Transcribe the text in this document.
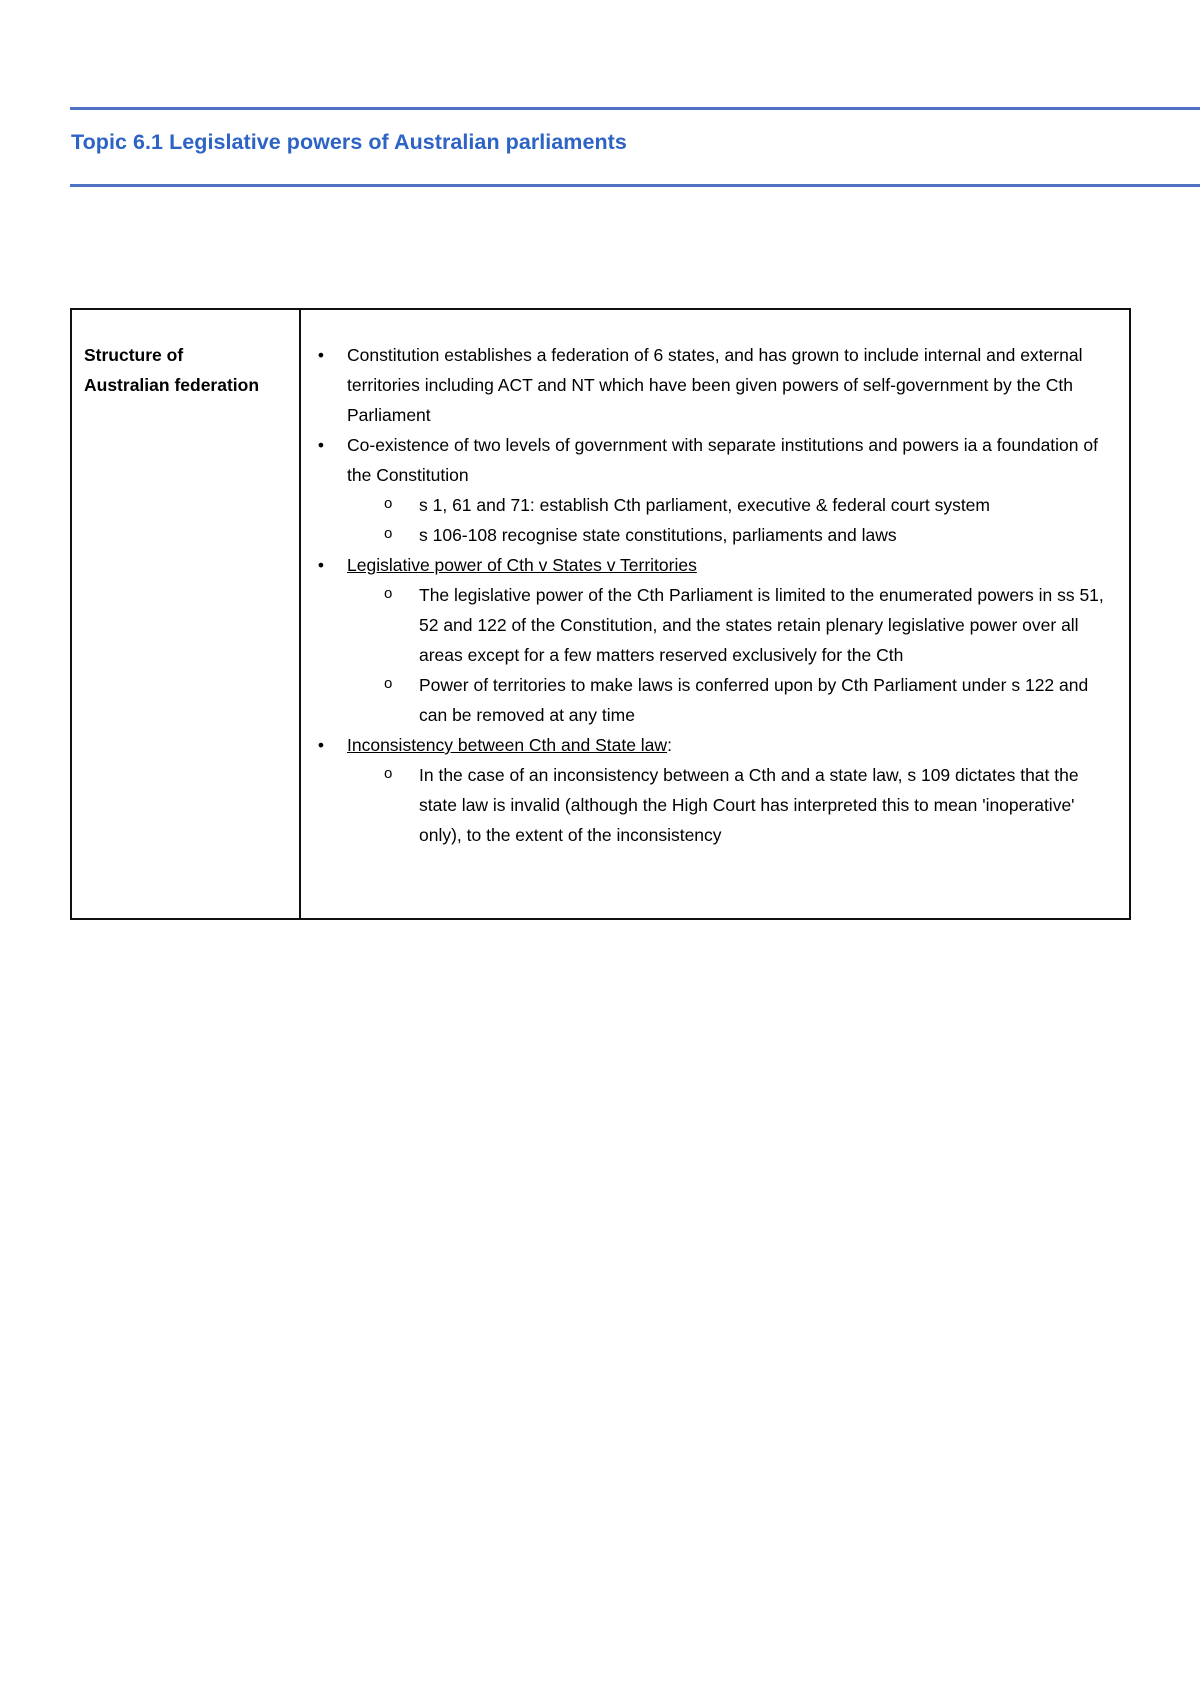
Topic 6.1 Legislative powers of Australian parliaments
Structure of
Australian federation

• Constitution establishes a federation of 6 states, and has grown to include internal and external territories including ACT and NT which have been given powers of self-government by the Cth Parliament
• Co-existence of two levels of government with separate institutions and powers ia a foundation of the Constitution
o s 1, 61 and 71: establish Cth parliament, executive & federal court system
o s 106-108 recognise state constitutions, parliaments and laws
• Legislative power of Cth v States v Territories
o The legislative power of the Cth Parliament is limited to the enumerated powers in ss 51, 52 and 122 of the Constitution, and the states retain plenary legislative power over all areas except for a few matters reserved exclusively for the Cth
o Power of territories to make laws is conferred upon by Cth Parliament under s 122 and can be removed at any time
• Inconsistency between Cth and State law:
o In the case of an inconsistency between a Cth and a state law, s 109 dictates that the state law is invalid (although the High Court has interpreted this to mean 'inoperative' only), to the extent of the inconsistency
